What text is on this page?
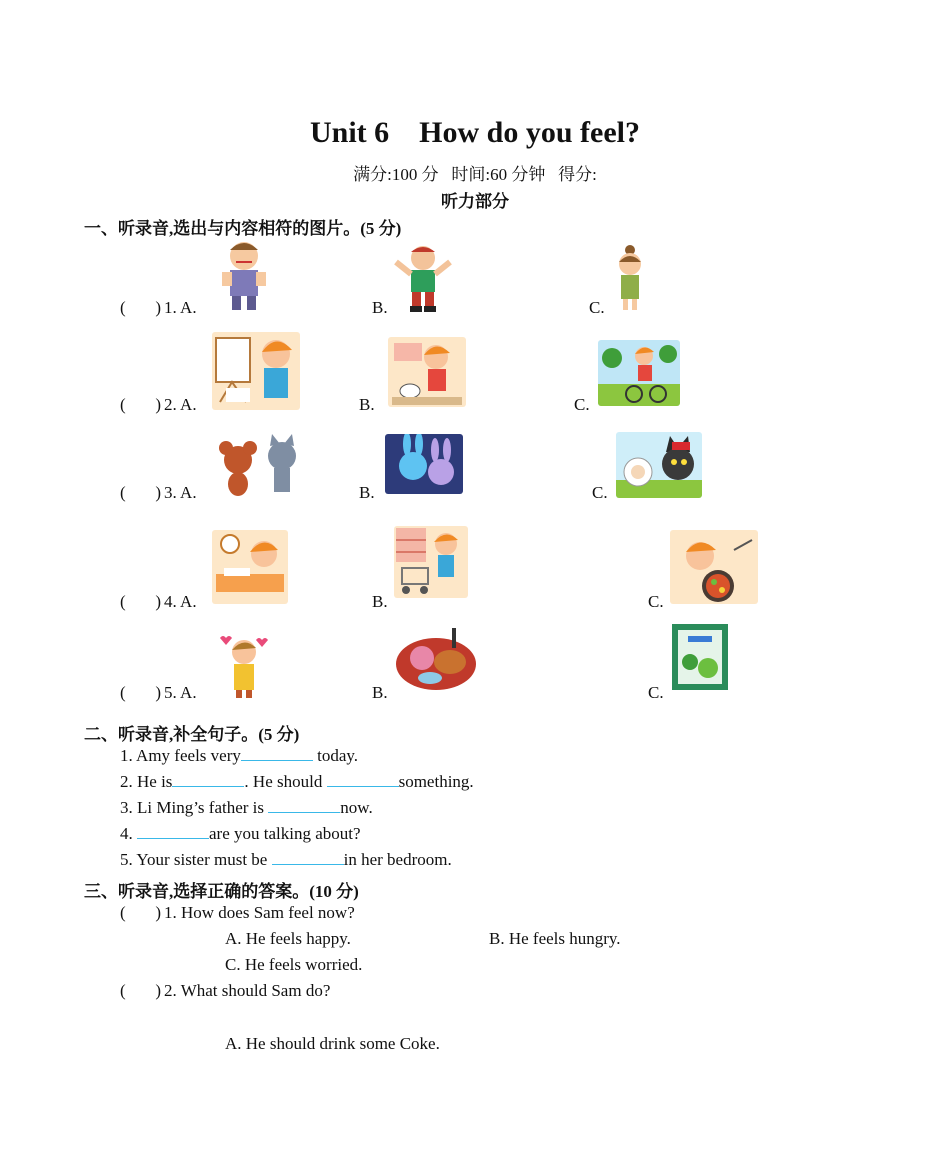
Unit 6    How do you feel?
满分:100 分   时间:60 分钟   得分:
听力部分
一、听录音,选出与内容相符的图片。(5 分)
(       ) 1. A.	B.	C.
(       ) 2. A.	B.	C.
(       ) 3. A.	B.	C.
(       ) 4. A.	B.	C.
(       ) 5. A.	B.	C.
二、听录音,补全句子。(5 分)
1. Amy feels very	today.
2. He is	. He should	something.
3. Li Ming’s father is	now.
4.	are you talking about?
5. Your sister must be	in her bedroom.
三、听录音,选择正确的答案。(10 分)
(       ) 1. How does Sam feel now?
A. He feels happy.	B. He feels hungry.
C. He feels worried.
(       ) 2. What should Sam do?
A. He should drink some Coke.
